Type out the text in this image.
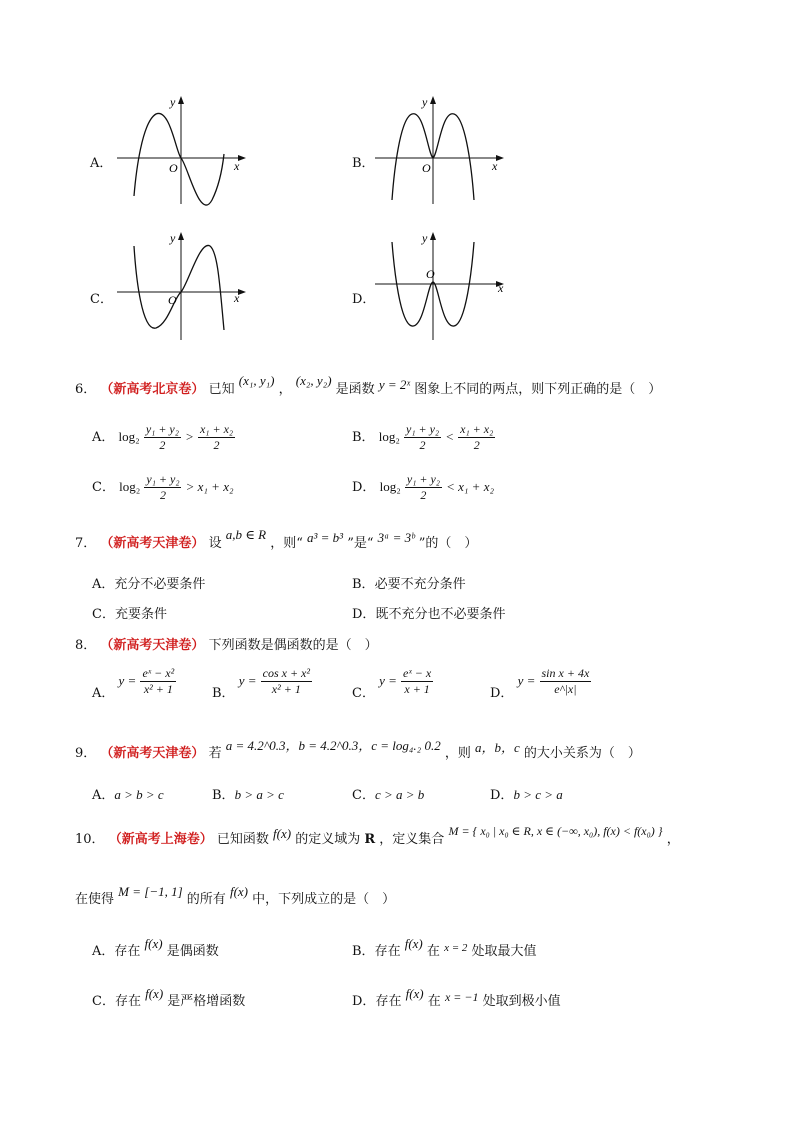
A．	B．
C．	D．
x
y
O	x
y
O
x
y
O
x
y
O
6． （新高考北京卷） 已知 (x₁, y₁) ， (x₂, y₂) 是函数 y = 2ˣ 图象上不同的两点，则下列正确的是（　）
A． $\log_2 \frac{\text{y₁ + y₂}}{2} > \frac{\text{x₁ + x₂}}{2}$	B． $\log_2 \frac{\text{y₁ + y₂}}{2} < \frac{\text{x₁ + x₂}}{2}$
C． $\log_2 \frac{\text{y₁ + y₂}}{2} > x_1 + x_2$	D． $\log_2 \frac{\text{y₁ + y₂}}{2} < x_1 + x_2$
7． （新高考天津卷） 设 a,b ∈ R ，则“ a³ = b³ ”是“ 3ᵃ = 3ᵇ ”的（　）
A．充分不必要条件	B．必要不充分条件
C．充要条件	D．既不充分也不必要条件
8． （新高考天津卷） 下列函数是偶函数的是（　）
A． $y = \frac{\text{eˣ − x²}}{\text{x² + 1}}$	B． $y = \frac{\text{cos x + x²}}{\text{x² + 1}}$	C． $y = \frac{\text{eˣ − x}}{x + 1}$	D． $y = \frac{\text{sin x + 4x}}{e\^{}|x|}$
9． （新高考天津卷） 若 a = 4.2^0.3，b = 4.2^0.3，c = log₄.₂ 0.2 ，则 a，b，c 的大小关系为（　）
A．a > b > c	B．b > a > c	C．c > a > b	D．b > c > a
10． （新高考上海卷） 已知函数 f(x) 的定义域为 R ，定义集合 M = { x₀ | x₀ ∈ R, x ∈ (−∞, x₀), f(x) < f(x₀) } ，
在使得 M = [−1, 1] 的所有 f(x) 中，下列成立的是（　）
A．存在 f(x) 是偶函数	B．存在 f(x) 在 $^{x = 2}$ 处取最大值
C．存在 f(x) 是严格增函数	D．存在 f(x) 在 x = −1 处取到极小值
